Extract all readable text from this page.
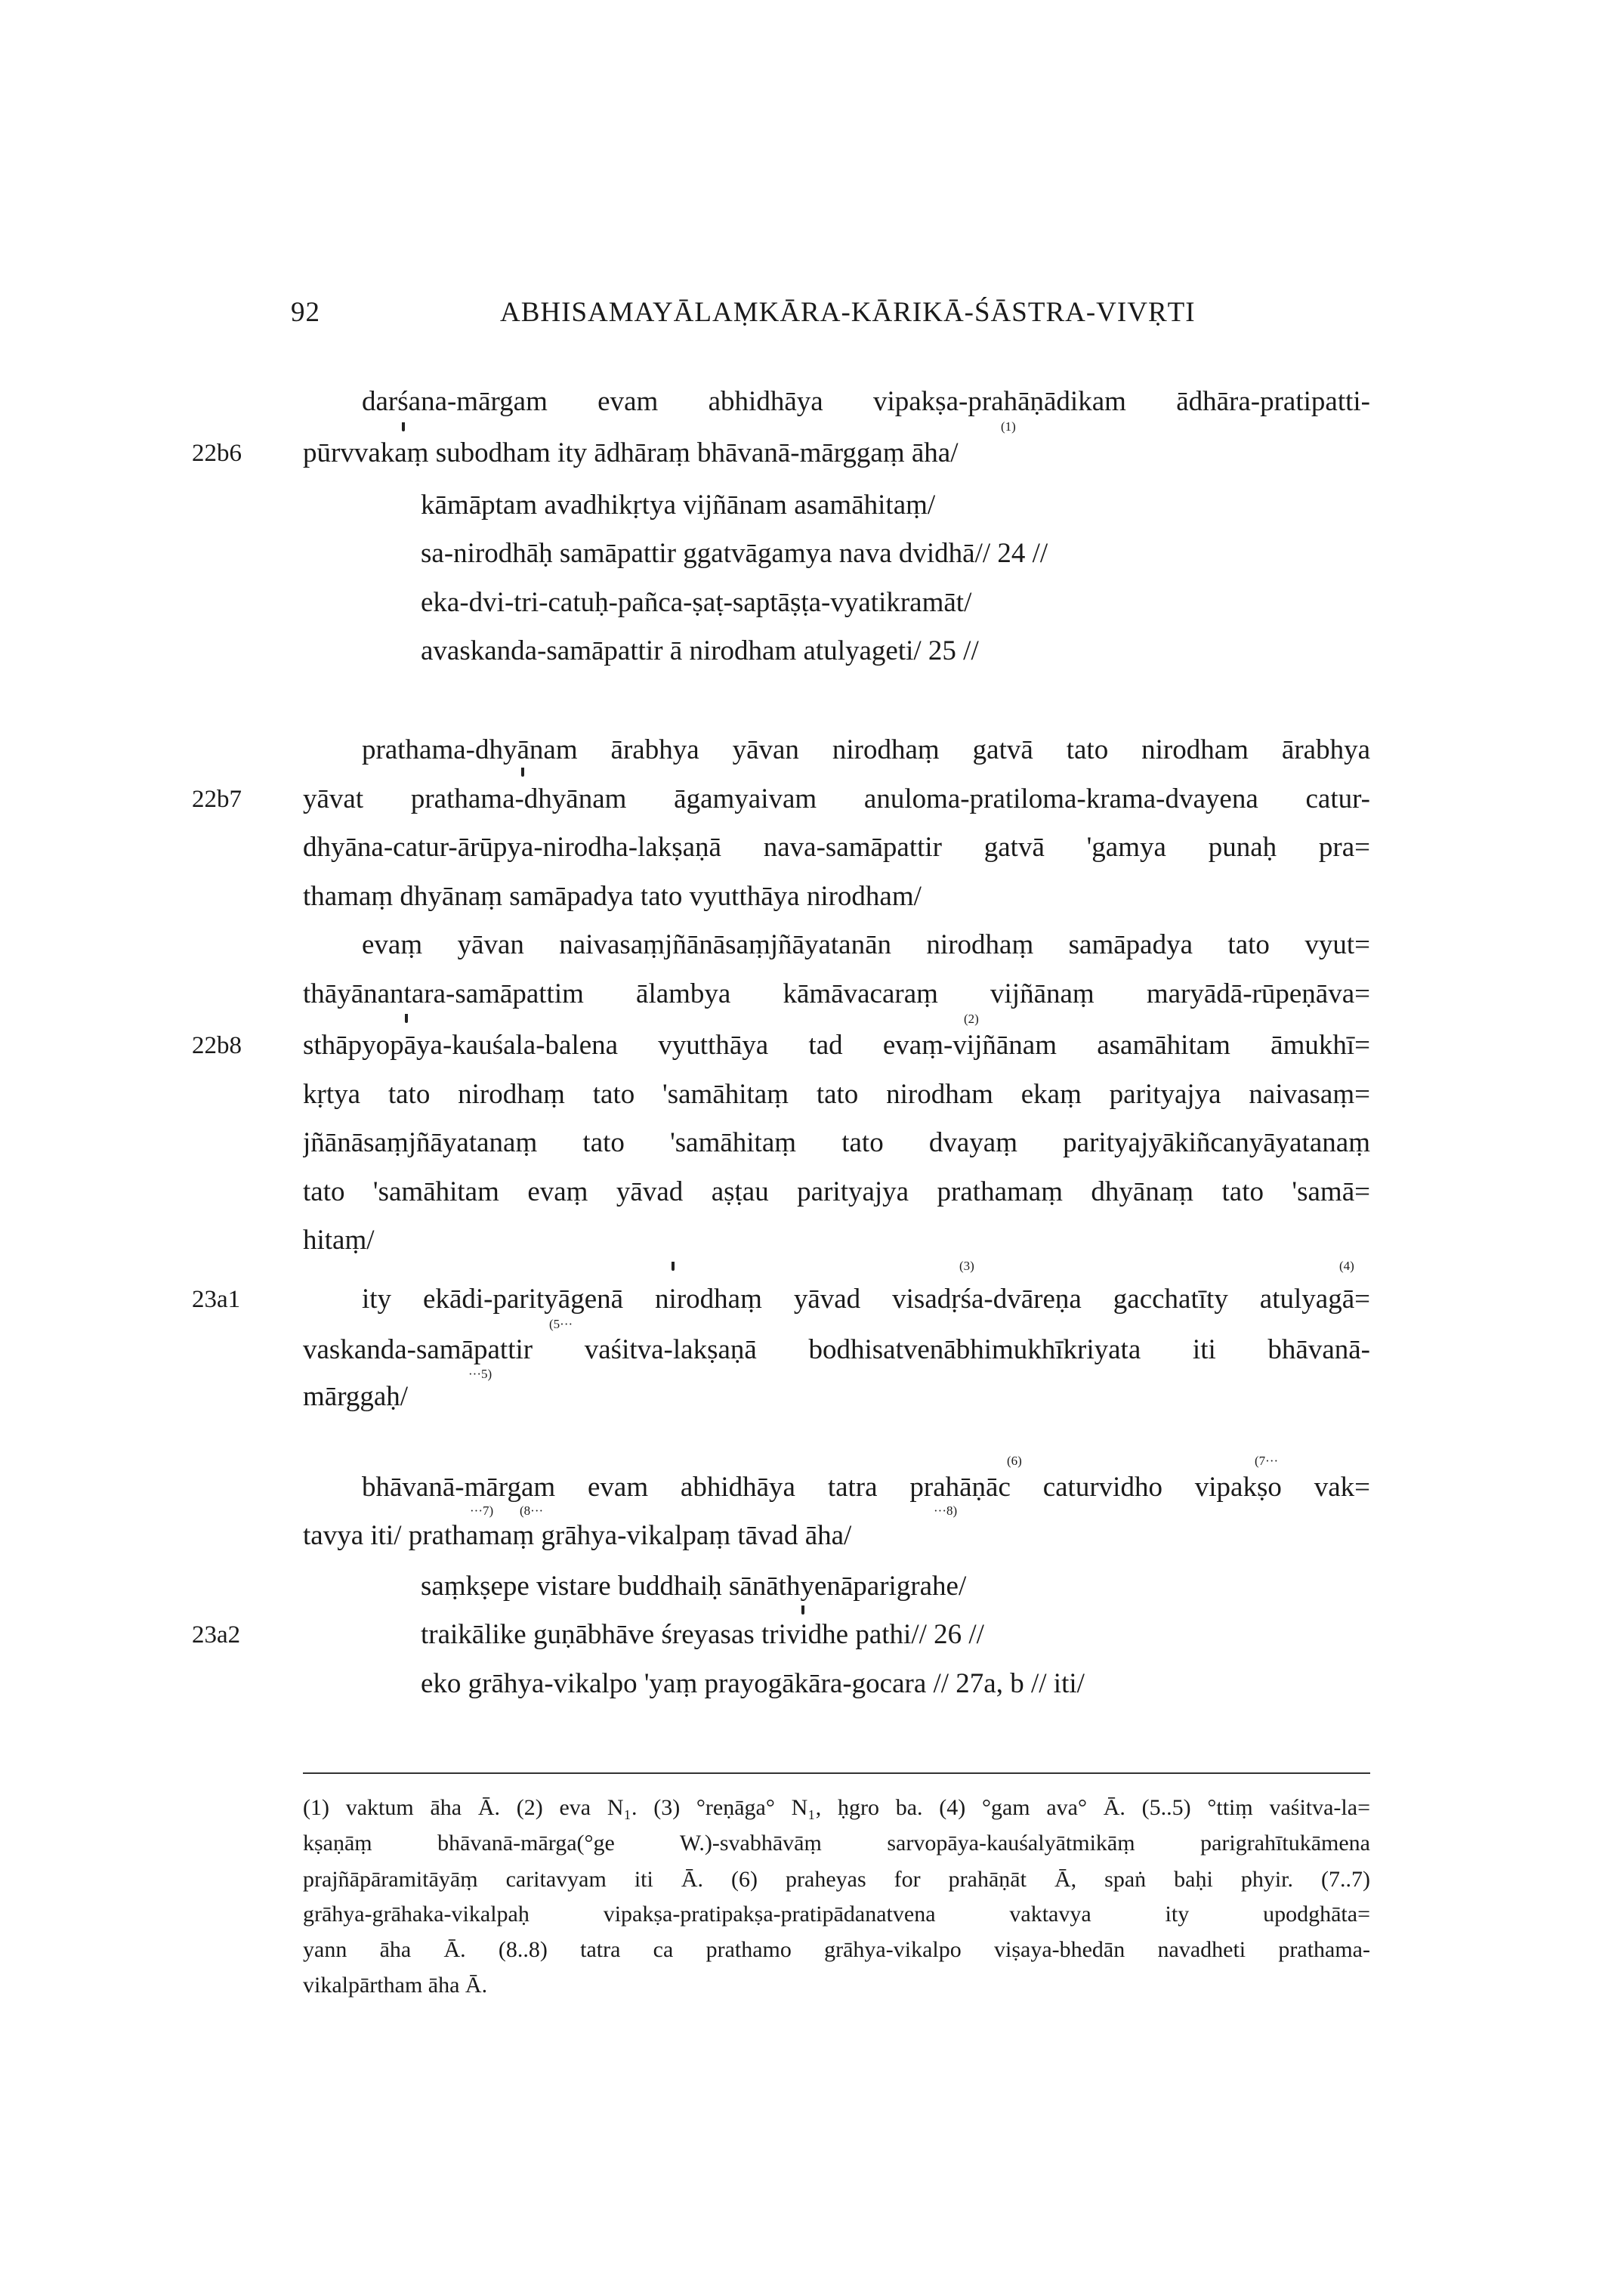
92	ABHISAMAYĀLAṂKĀRA-KĀRIKĀ-ŚĀSTRA-VIVṚTI
darśana-mārgam evam abhidhāya vipakṣa-prahāṇādikam ādhāra-pratipatti-
pūrvvakaṃ subodham ity ādhāraṃ bhāvanā-mārggaṃ āha/
kāmāptam avadhikṛtya vijñānam asamāhitaṃ/
sa-nirodhāḥ samāpattir ggatvāgamya nava dvidhā// 24 //
eka-dvi-tri-catuḥ-pañca-ṣaṭ-saptāṣṭa-vyatikramāt/
avaskanda-samāpattir ā nirodham atulyageti/ 25 //
prathama-dhyānam ārabhya yāvan nirodhaṃ gatvā tato nirodham ārabhya
yāvat prathama-dhyānam āgamyaivam anuloma-pratiloma-krama-dvayena catur-
dhyāna-catur-ārūpya-nirodha-lakṣaṇā nava-samāpattir gatvā 'gamya punaḥ pra=
thamaṃ dhyānaṃ samāpadya tato vyutthāya nirodham/
evaṃ yāvan naivasaṃjñānāsaṃjñāyatanān nirodhaṃ samāpadya tato vyut=
thāyānantara-samāpattim ālambya kāmāvacaraṃ vijñānaṃ maryādā-rūpeṇāva=
sthāpyopāya-kauśala-balena vyutthāya tad evaṃ-vijñānam asamāhitam āmukhī=
kṛtya tato nirodhaṃ tato 'samāhitaṃ tato nirodham ekaṃ parityajya naivasaṃ=
jñānāsaṃjñāyatanaṃ tato 'samāhitaṃ tato dvayaṃ parityajyākiñcanyāyatanaṃ
tato 'samāhitam evaṃ yāvad aṣṭau parityajya prathamaṃ dhyānaṃ tato 'samā=
hitaṃ/
ity ekādi-parityāgenā nirodhaṃ yāvad visadṛśa-dvāreṇa gacchatīty atulyagā=
vaskanda-samāpattir vaśitva-lakṣaṇā bodhisatvenābhimukhīkriyata iti bhāvanā-
mārggaḥ/
bhāvanā-mārgam evam abhidhāya tatra prahāṇāc caturvidho vipakṣo vak=
tavya iti/ prathamaṃ grāhya-vikalpaṃ tāvad āha/
saṃkṣepe vistare buddhaiḥ sānāthyenāparigrahe/
traikālike guṇābhāve śreyasas trividhe pathi// 26 //
eko grāhya-vikalpo 'yaṃ prayogākāra-gocara // 27a, b // iti/
22b6
22b7
22b8
23a1
23a2
(1)
(2)
(3)	(4)
(5···
···5)
(6)	(7···
···7) (8···	···8)
(1) vaktum āha Ā. (2) eva N₁. (3) °reṇāga° N₁, ḥgro ba. (4) °gam ava° Ā. (5..5) °ttiṃ vaśitva-la=
kṣaṇāṃ bhāvanā-mārga(°ge W.)-svabhāvāṃ sarvopāya-kauśalyātmikāṃ parigrahītukāmena
prajñāpāramitāyāṃ caritavyam iti Ā. (6) praheyas for prahāṇāt Ā, spaṅ baḥi phyir. (7..7)
grāhya-grāhaka-vikalpaḥ vipakṣa-pratipakṣa-pratipādanatvena vaktavya ity upodghāta=
yann āha Ā. (8..8) tatra ca prathamo grāhya-vikalpo viṣaya-bhedān navadheti prathama-
vikalpārtham āha Ā.
